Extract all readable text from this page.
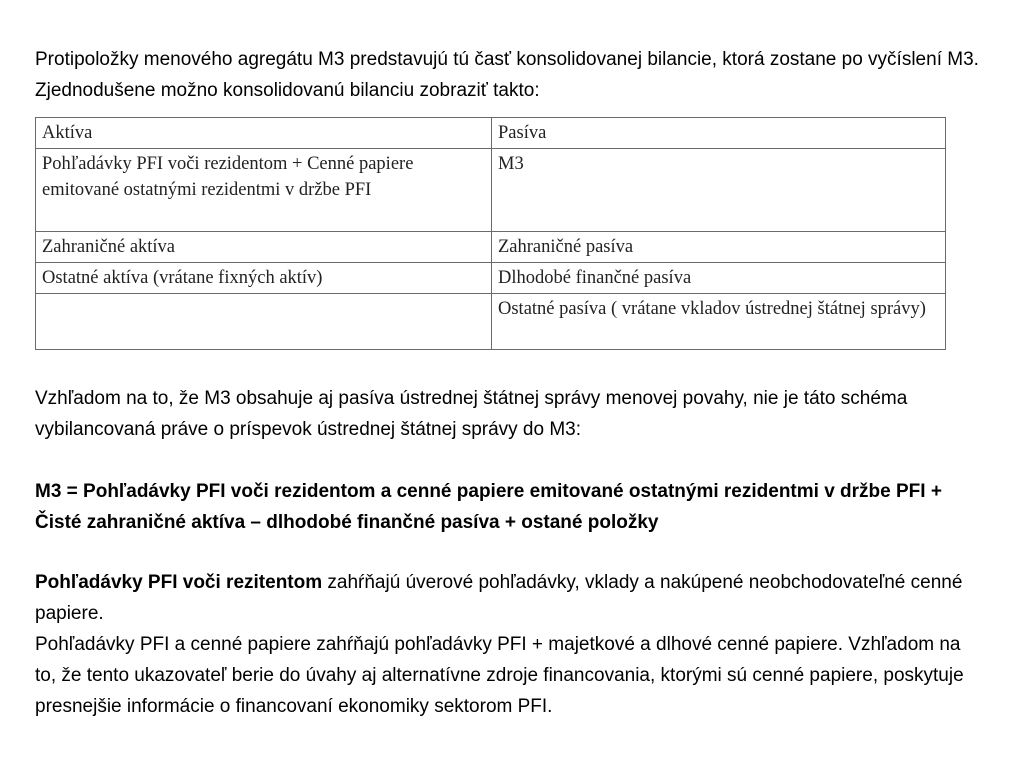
Protipoložky menového agregátu M3 predstavujú tú časť konsolidovanej bilancie, ktorá zostane po vyčíslení M3. Zjednodušene možno konsolidovanú bilanciu zobraziť takto:

Aktíva	Pasíva
Pohľadávky PFI voči rezidentom + Cenné papiere emitované ostatnými rezidentmi v držbe PFI	M3
Zahraničné aktíva	Zahraničné pasíva
Ostatné aktíva (vrátane fixných aktív)	Dlhodobé finančné pasíva
	Ostatné pasíva ( vrátane vkladov ústrednej štátnej správy)

Vzhľadom na to, že M3 obsahuje aj pasíva ústrednej štátnej správy menovej povahy, nie je táto schéma vybilancovaná práve o príspevok ústrednej štátnej správy do M3:

M3 = Pohľadávky PFI voči rezidentom a cenné papiere emitované ostatnými rezidentmi v držbe PFI + Čisté zahraničné aktíva – dlhodobé finančné pasíva + ostané položky

Pohľadávky PFI voči rezitentom zahŕňajú úverové pohľadávky, vklady a nakúpené neobchodovateľné cenné papiere.

Pohľadávky PFI a cenné papiere zahŕňajú pohľadávky PFI + majetkové a dlhové cenné papiere. Vzhľadom na to, že tento ukazovateľ berie do úvahy aj alternatívne zdroje financovania, ktorými sú cenné papiere, poskytuje presnejšie informácie o financovaní ekonomiky sektorom PFI.
